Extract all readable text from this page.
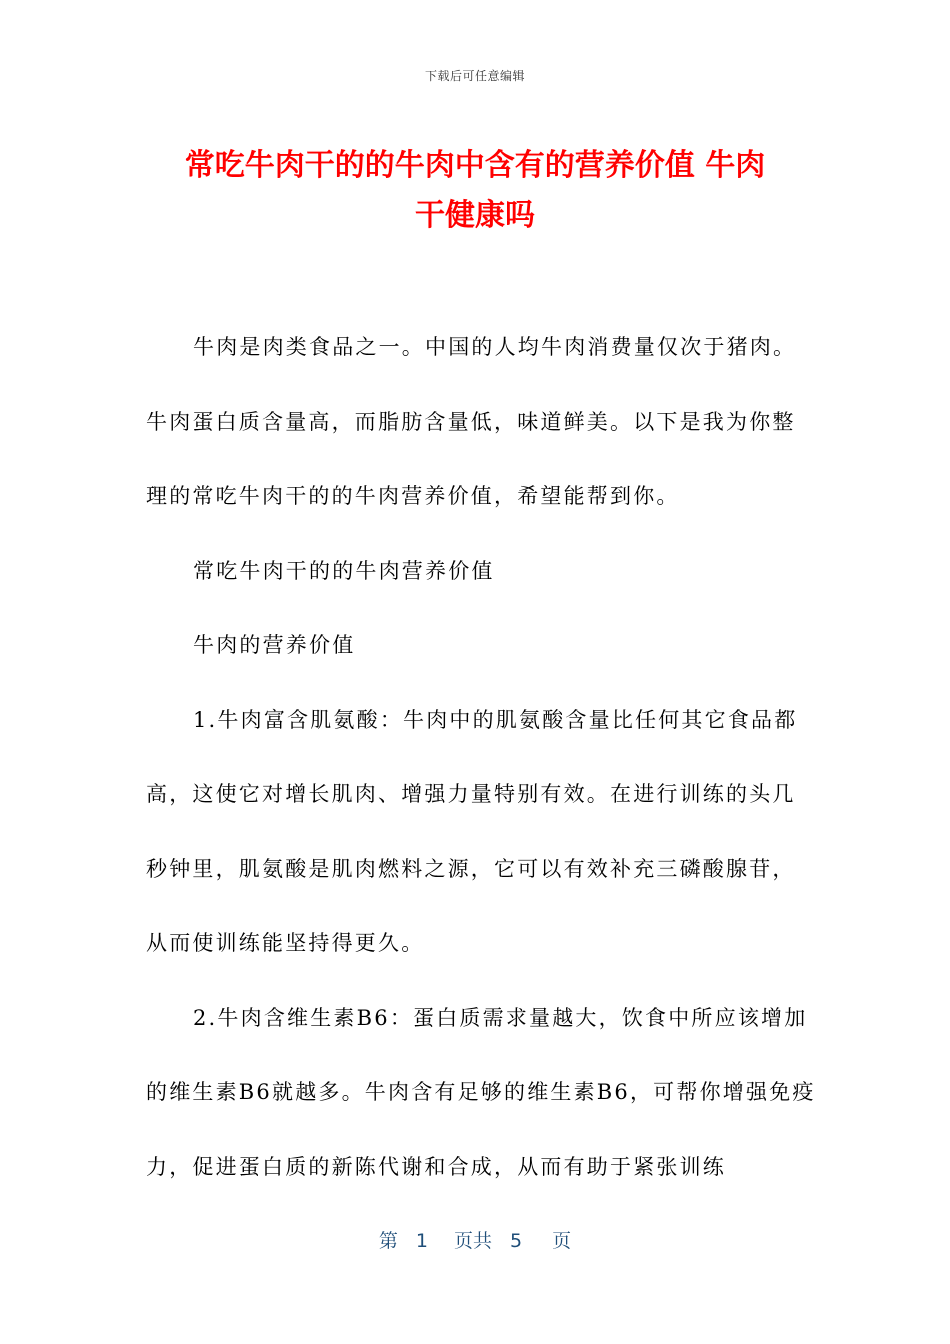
下载后可任意编辑
常吃牛肉干的的牛肉中含有的营养价值 牛肉
干健康吗

牛肉是肉类食品之一。中国的人均牛肉消费量仅次于猪肉。牛肉蛋白质含量高，而脂肪含量低，味道鲜美。以下是我为你整理的常吃牛肉干的的牛肉营养价值，希望能帮到你。

常吃牛肉干的的牛肉营养价值

牛肉的营养价值

1.牛肉富含肌氨酸：牛肉中的肌氨酸含量比任何其它食品都高，这使它对增长肌肉、增强力量特别有效。在进行训练的头几秒钟里，肌氨酸是肌肉燃料之源，它可以有效补充三磷酸腺苷，从而使训练能坚持得更久。

2.牛肉含维生素B6：蛋白质需求量越大，饮食中所应该增加的维生素B6就越多。牛肉含有足够的维生素B6，可帮你增强免疫力，促进蛋白质的新陈代谢和合成，从而有助于紧张训练

第 1 页共 5 页
